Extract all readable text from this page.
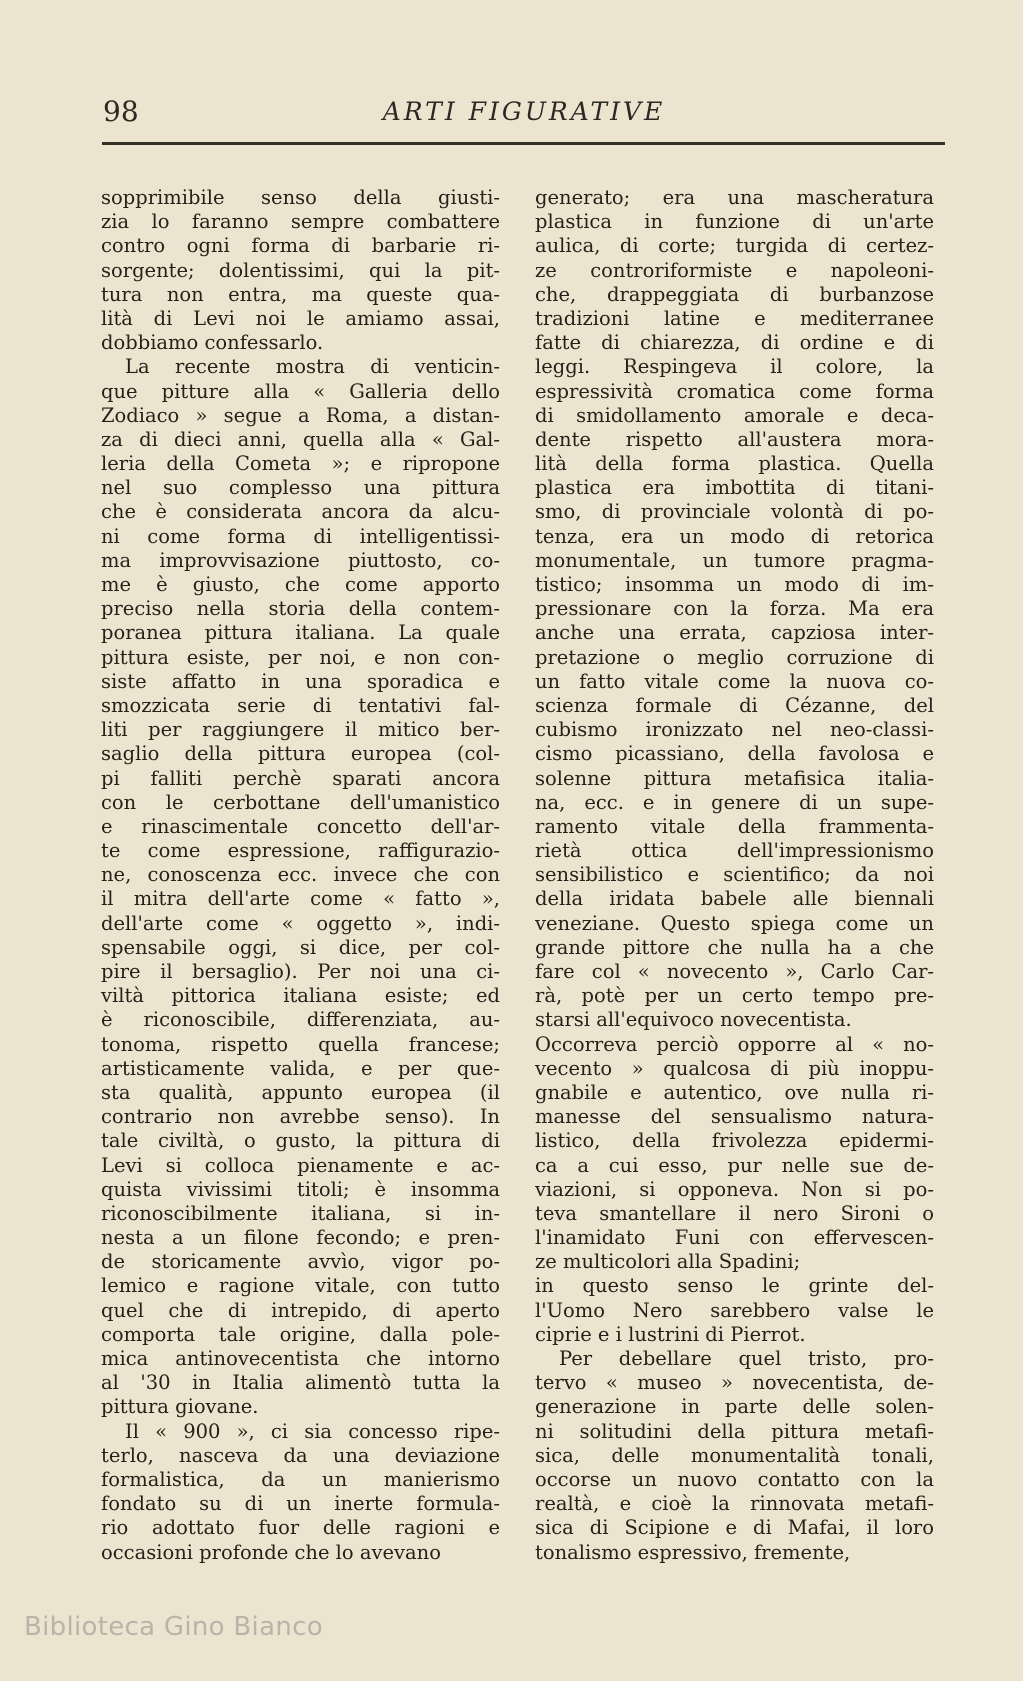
98	ARTI FIGURATIVE
sopprimibile senso della giusti-
zia lo faranno sempre combattere
contro ogni forma di barbarie ri-
sorgente; dolentissimi, qui la pit-
tura non entra, ma queste qua-
lità di Levi noi le amiamo assai,
dobbiamo confessarlo.
La recente mostra di venticin-
que pitture alla « Galleria dello
Zodiaco » segue a Roma, a distan-
za di dieci anni, quella alla « Gal-
leria della Cometa »; e ripropone
nel suo complesso una pittura
che è considerata ancora da alcu-
ni come forma di intelligentissi-
ma improvvisazione piuttosto, co-
me è giusto, che come apporto
preciso nella storia della contem-
poranea pittura italiana. La quale
pittura esiste, per noi, e non con-
siste affatto in una sporadica e
smozzicata serie di tentativi fal-
liti per raggiungere il mitico ber-
saglio della pittura europea (col-
pi falliti perchè sparati ancora
con le cerbottane dell'umanistico
e rinascimentale concetto dell'ar-
te come espressione, raffigurazio-
ne, conoscenza ecc. invece che con
il mitra dell'arte come « fatto »,
dell'arte come « oggetto », indi-
spensabile oggi, si dice, per col-
pire il bersaglio). Per noi una ci-
viltà pittorica italiana esiste; ed
è riconoscibile, differenziata, au-
tonoma, rispetto quella francese;
artisticamente valida, e per que-
sta qualità, appunto europea (il
contrario non avrebbe senso). In
tale civiltà, o gusto, la pittura di
Levi si colloca pienamente e ac-
quista vivissimi titoli; è insomma
riconoscibilmente italiana, si in-
nesta a un filone fecondo; e pren-
de storicamente avvìo, vigor po-
lemico e ragione vitale, con tutto
quel che di intrepido, di aperto
comporta tale origine, dalla pole-
mica antinovecentista che intorno
al '30 in Italia alimentò tutta la
pittura giovane.
Il « 900 », ci sia concesso ripe-
terlo, nasceva da una deviazione
formalistica, da un manierismo
fondato su di un inerte formula-
rio adottato fuor delle ragioni e
occasioni profonde che lo avevano
generato; era una mascheratura
plastica in funzione di un'arte
aulica, di corte; turgida di certez-
ze controriformiste e napoleoni-
che, drappeggiata di burbanzose
tradizioni latine e mediterranee
fatte di chiarezza, di ordine e di
leggi. Respingeva il colore, la
espressività cromatica come forma
di smidollamento amorale e deca-
dente rispetto all'austera mora-
lità della forma plastica. Quella
plastica era imbottita di titani-
smo, di provinciale volontà di po-
tenza, era un modo di retorica
monumentale, un tumore pragma-
tistico; insomma un modo di im-
pressionare con la forza. Ma era
anche una errata, capziosa inter-
pretazione o meglio corruzione di
un fatto vitale come la nuova co-
scienza formale di Cézanne, del
cubismo ironizzato nel neo-classi-
cismo picassiano, della favolosa e
solenne pittura metafisica italia-
na, ecc. e in genere di un supe-
ramento vitale della frammenta-
rietà ottica dell'impressionismo
sensibilistico e scientifico; da noi
della iridata babele alle biennali
veneziane. Questo spiega come un
grande pittore che nulla ha a che
fare col « novecento », Carlo Car-
rà, potè per un certo tempo pre-
starsi all'equivoco novecentista.
Occorreva perciò opporre al « no-
vecento » qualcosa di più inoppu-
gnabile e autentico, ove nulla ri-
manesse del sensualismo natura-
listico, della frivolezza epidermi-
ca a cui esso, pur nelle sue de-
viazioni, si opponeva. Non si po-
teva smantellare il nero Sironi o
l'inamidato Funi con effervescen-
ze multicolori alla Spadini;
in questo senso le grinte del-
l'Uomo Nero sarebbero valse le
ciprie e i lustrini di Pierrot.
Per debellare quel tristo, pro-
tervo « museo » novecentista, de-
generazione in parte delle solen-
ni solitudini della pittura metafi-
sica, delle monumentalità tonali,
occorse un nuovo contatto con la
realtà, e cioè la rinnovata metafi-
sica di Scipione e di Mafai, il loro
tonalismo espressivo, fremente,
Biblioteca Gino Bianco
